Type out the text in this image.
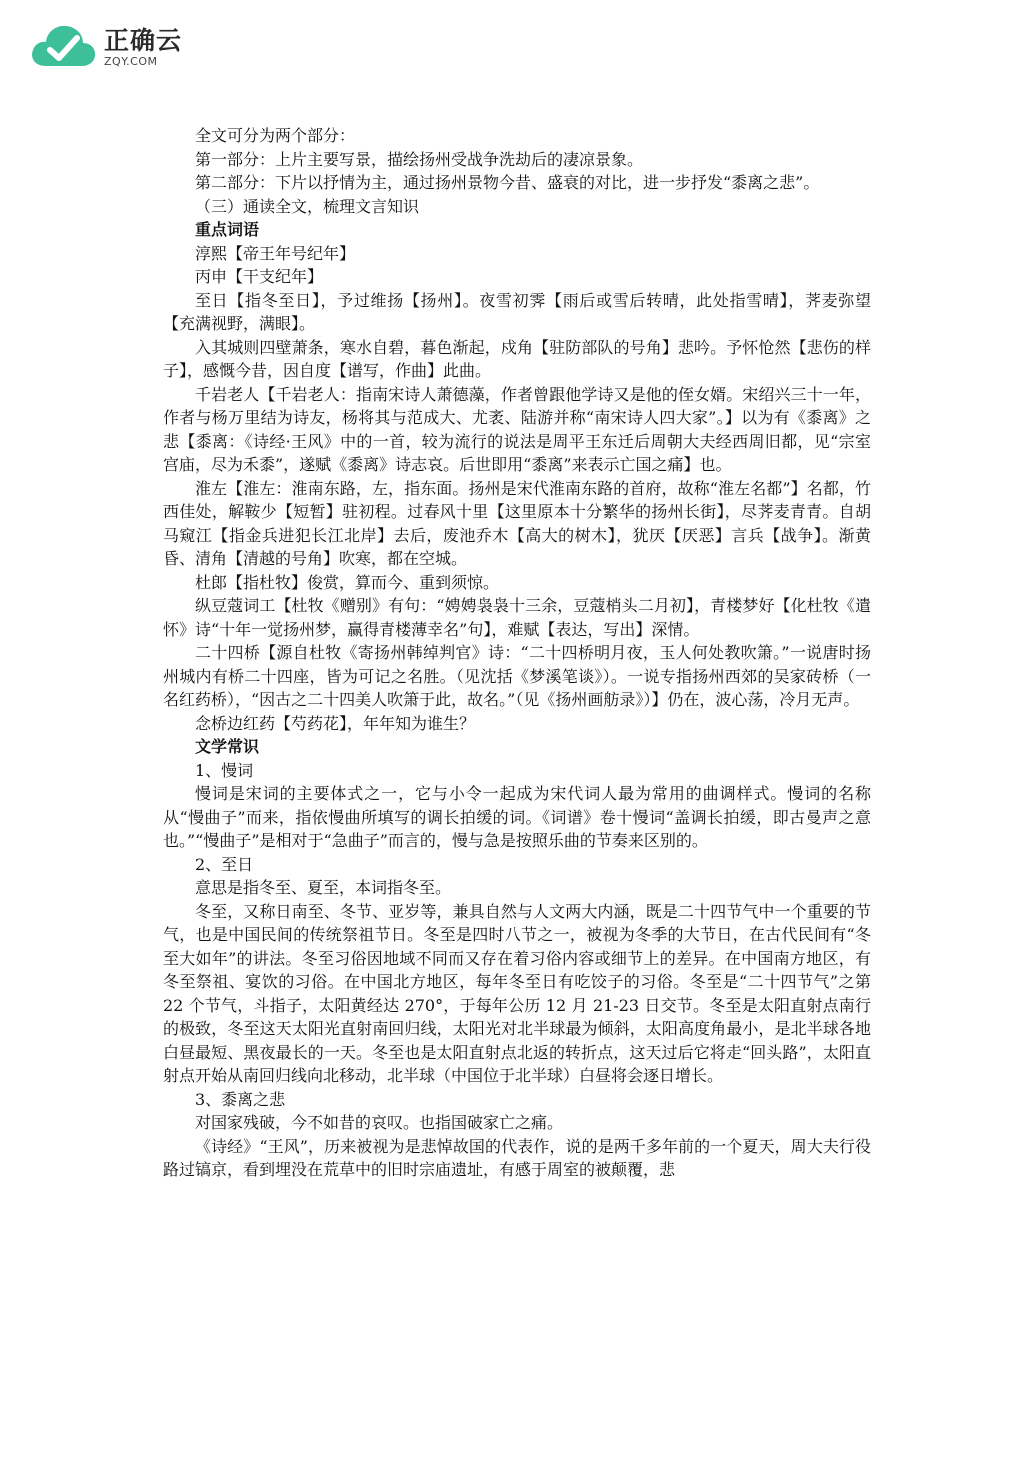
正确云
ZQY.COM

全文可分为两个部分：

第一部分：上片主要写景，描绘扬州受战争洗劫后的凄凉景象。

第二部分：下片以抒情为主，通过扬州景物今昔、盛衰的对比，进一步抒发“黍离之悲”。

（三）通读全文，梳理文言知识

重点词语

淳熙【帝王年号纪年】

丙申【干支纪年】

至日【指冬至日】，予过维扬【扬州】。夜雪初霁【雨后或雪后转晴，此处指雪晴】，荠麦弥望【充满视野，满眼】。

入其城则四壁萧条，寒水自碧，暮色渐起，戍角【驻防部队的号角】悲吟。予怀怆然【悲伤的样子】，感慨今昔，因自度【谱写，作曲】此曲。

千岩老人【千岩老人：指南宋诗人萧德藻，作者曾跟他学诗又是他的侄女婿。宋绍兴三十一年，作者与杨万里结为诗友，杨将其与范成大、尤袤、陆游并称“南宋诗人四大家”。】以为有《黍离》之悲【黍离：《诗经·王风》中的一首，较为流行的说法是周平王东迁后周朝大夫经西周旧都，见“宗室宫庙，尽为禾黍”，遂赋《黍离》诗志哀。后世即用“黍离”来表示亡国之痛】也。

淮左【淮左：淮南东路，左，指东面。扬州是宋代淮南东路的首府，故称“淮左名都”】名都，竹西佳处，解鞍少【短暂】驻初程。过春风十里【这里原本十分繁华的扬州长街】，尽荠麦青青。自胡马窥江【指金兵进犯长江北岸】去后，废池乔木【高大的树木】，犹厌【厌恶】言兵【战争】。渐黄昏、清角【清越的号角】吹寒，都在空城。

杜郎【指杜牧】俊赏，算而今、重到须惊。

纵豆蔻词工【杜牧《赠别》有句：“娉娉袅袅十三余，豆蔻梢头二月初】，青楼梦好【化杜牧《遣怀》诗“十年一觉扬州梦，赢得青楼薄幸名”句】，难赋【表达，写出】深情。

二十四桥【源自杜牧《寄扬州韩绰判官》诗：“二十四桥明月夜，玉人何处教吹箫。”一说唐时扬州城内有桥二十四座，皆为可记之名胜。（见沈括《梦溪笔谈》）。一说专指扬州西郊的吴家砖桥（一名红药桥），“因古之二十四美人吹箫于此，故名。”（见《扬州画舫录》）】仍在，波心荡，冷月无声。

念桥边红药【芍药花】，年年知为谁生？

文学常识

1、慢词

慢词是宋词的主要体式之一，它与小令一起成为宋代词人最为常用的曲调样式。慢词的名称从“慢曲子”而来，指依慢曲所填写的调长拍缓的词。《词谱》卷十慢词“盖调长拍缓，即古曼声之意也。”“慢曲子”是相对于“急曲子”而言的，慢与急是按照乐曲的节奏来区别的。

2、至日

意思是指冬至、夏至，本词指冬至。

冬至，又称日南至、冬节、亚岁等，兼具自然与人文两大内涵，既是二十四节气中一个重要的节气，也是中国民间的传统祭祖节日。冬至是四时八节之一，被视为冬季的大节日，在古代民间有“冬至大如年”的讲法。冬至习俗因地域不同而又存在着习俗内容或细节上的差异。在中国南方地区，有冬至祭祖、宴饮的习俗。在中国北方地区，每年冬至日有吃饺子的习俗。冬至是“二十四节气”之第 22 个节气，斗指子，太阳黄经达 270°，于每年公历 12 月 21-23 日交节。冬至是太阳直射点南行的极致，冬至这天太阳光直射南回归线，太阳光对北半球最为倾斜，太阳高度角最小，是北半球各地白昼最短、黑夜最长的一天。冬至也是太阳直射点北返的转折点，这天过后它将走“回头路”，太阳直射点开始从南回归线向北移动，北半球（中国位于北半球）白昼将会逐日增长。

3、黍离之悲

对国家残破，今不如昔的哀叹。也指国破家亡之痛。

《诗经》“王风”，历来被视为是悲悼故国的代表作，说的是两千多年前的一个夏天，周大夫行役路过镐京，看到埋没在荒草中的旧时宗庙遗址，有感于周室的被颠覆，悲
